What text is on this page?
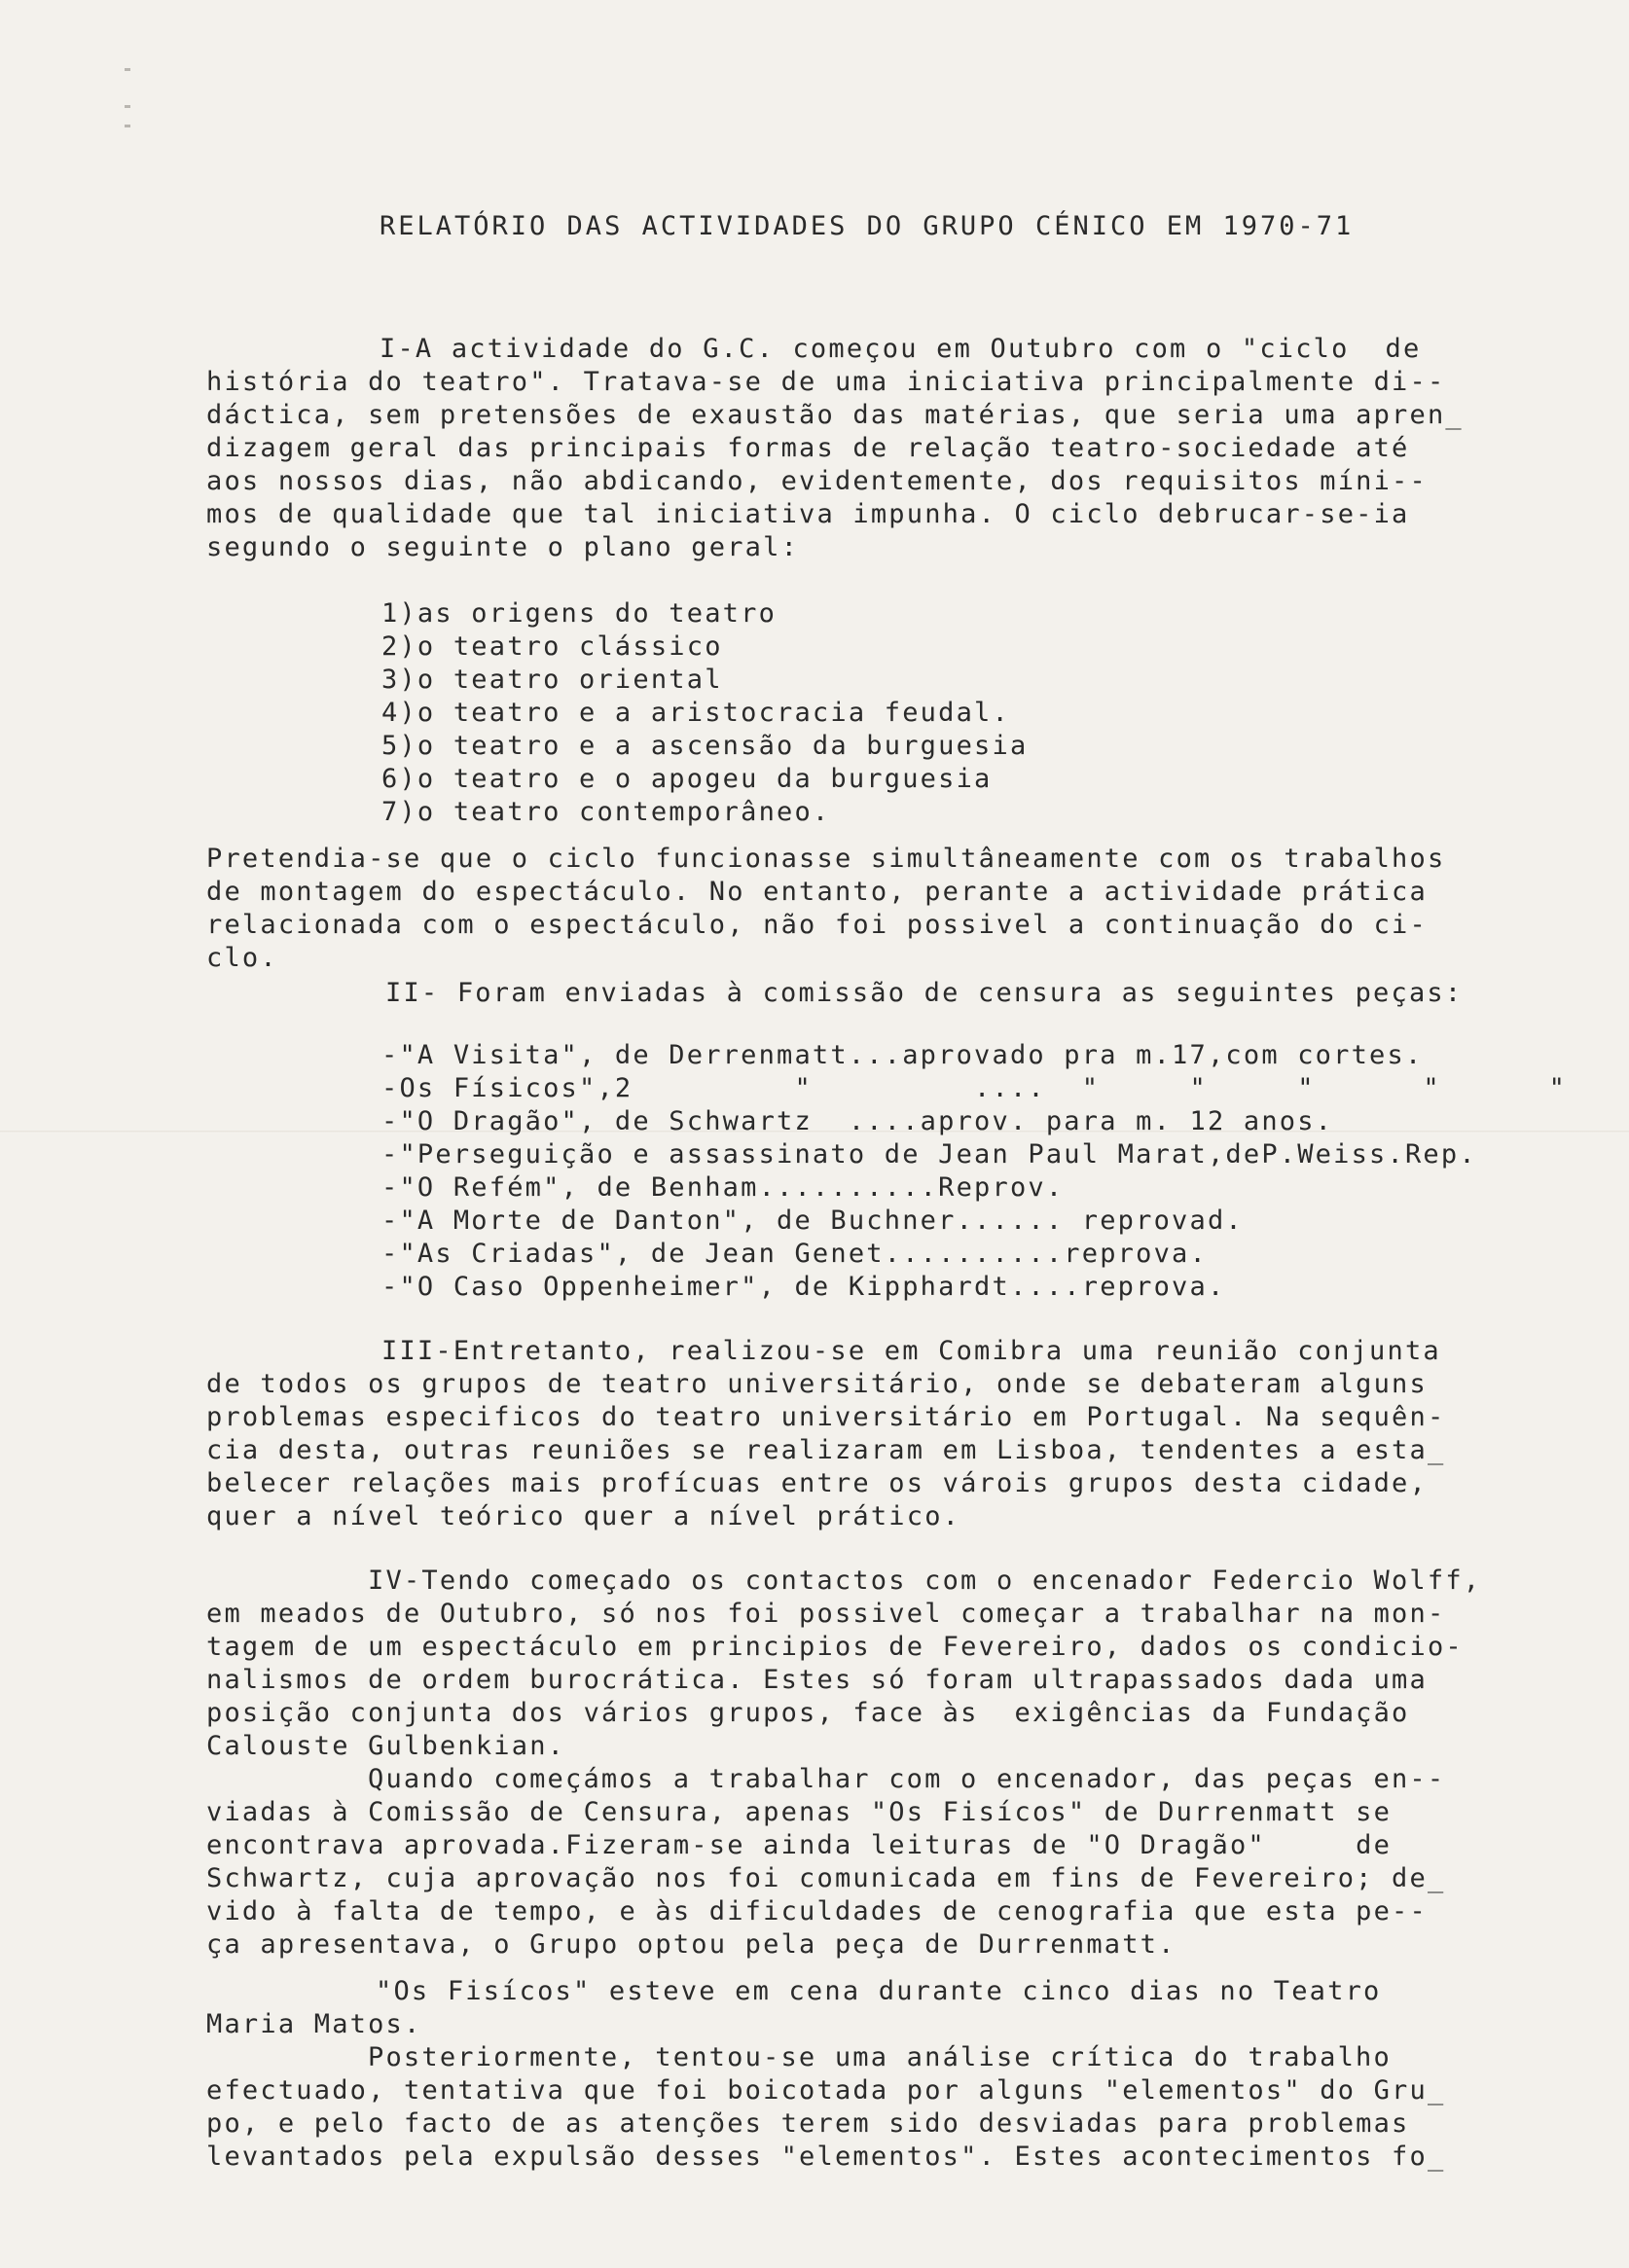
RELATÓRIO DAS ACTIVIDADES DO GRUPO CÉNICO EM 1970-71
I-A actividade do G.C. começou em Outubro com o "ciclo  de
história do teatro". Tratava-se de uma iniciativa principalmente di--
dáctica, sem pretensões de exaustão das matérias, que seria uma apren_
dizagem geral das principais formas de relação teatro-sociedade até
aos nossos dias, não abdicando, evidentemente, dos requisitos míni--
mos de qualidade que tal iniciativa impunha. O ciclo debrucar-se-ia
segundo o seguinte o plano geral:
1)as origens do teatro
2)o teatro clássico
3)o teatro oriental
4)o teatro e a aristocracia feudal.
5)o teatro e a ascensão da burguesia
6)o teatro e o apogeu da burguesia
7)o teatro contemporâneo.
Pretendia-se que o ciclo funcionasse simultâneamente com os trabalhos
de montagem do espectáculo. No entanto, perante a actividade prática
relacionada com o espectáculo, não foi possivel a continuação do ci-
clo.
II- Foram enviadas à comissão de censura as seguintes peças:
-"A Visita", de Derrenmatt...aprovado pra m.17,com cortes.
-Os Físicos",2         "         ....  "     "     "      "      "
-"O Dragão", de Schwartz  ....aprov. para m. 12 anos.
-"Perseguição e assassinato de Jean Paul Marat,deP.Weiss.Rep.
-"O Refém", de Benham..........Reprov.
-"A Morte de Danton", de Buchner...... reprovad.
-"As Criadas", de Jean Genet..........reprova.
-"O Caso Oppenheimer", de Kipphardt....reprova.
III-Entretanto, realizou-se em Comibra uma reunião conjunta
de todos os grupos de teatro universitário, onde se debateram alguns
problemas especificos do teatro universitário em Portugal. Na sequên-
cia desta, outras reuniões se realizaram em Lisboa, tendentes a esta_
belecer relações mais profícuas entre os várois grupos desta cidade,
quer a nível teórico quer a nível prático.
IV-Tendo começado os contactos com o encenador Federcio Wolff,
em meados de Outubro, só nos foi possivel começar a trabalhar na mon-
tagem de um espectáculo em principios de Fevereiro, dados os condicio-
nalismos de ordem burocrática. Estes só foram ultrapassados dada uma
posição conjunta dos vários grupos, face às  exigências da Fundação
Calouste Gulbenkian.
Quando começámos a trabalhar com o encenador, das peças en--
viadas à Comissão de Censura, apenas "Os Fisícos" de Durrenmatt se
encontrava aprovada.Fizeram-se ainda leituras de "O Dragão"     de
Schwartz, cuja aprovação nos foi comunicada em fins de Fevereiro; de_
vido à falta de tempo, e às dificuldades de cenografia que esta pe--
ça apresentava, o Grupo optou pela peça de Durrenmatt.
"Os Fisícos" esteve em cena durante cinco dias no Teatro
Maria Matos.
Posteriormente, tentou-se uma análise crítica do trabalho
efectuado, tentativa que foi boicotada por alguns "elementos" do Gru_
po, e pelo facto de as atenções terem sido desviadas para problemas
levantados pela expulsão desses "elementos". Estes acontecimentos fo_
